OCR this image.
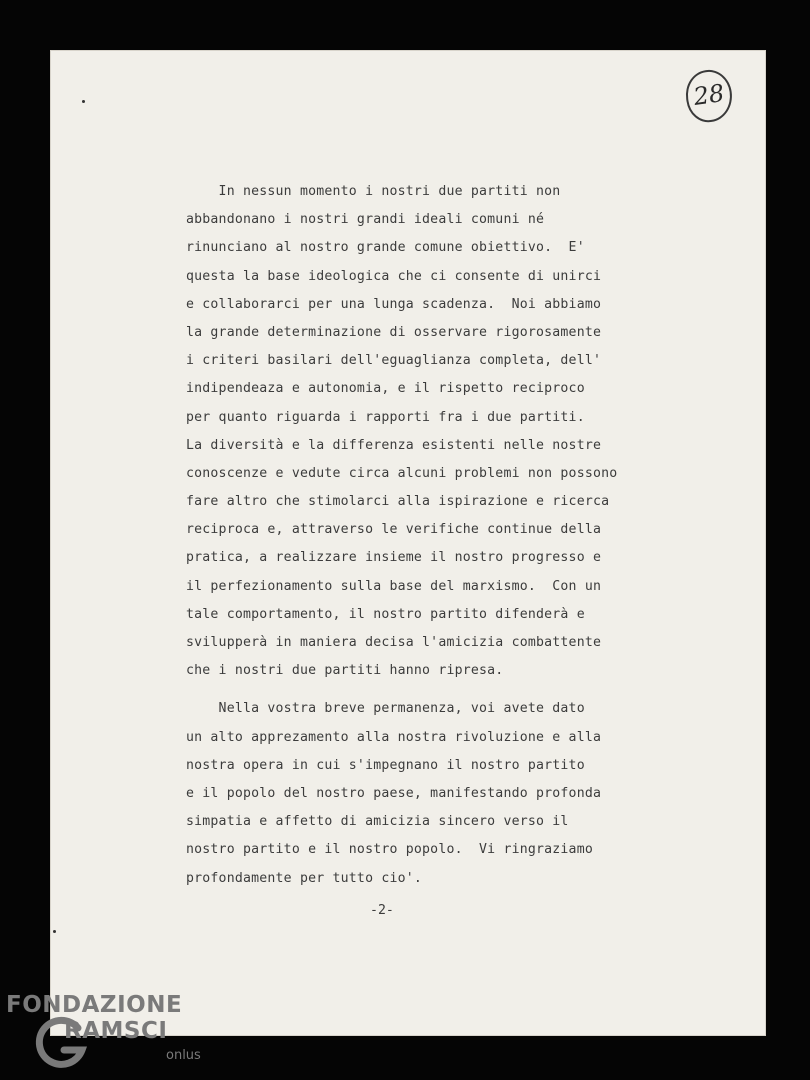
28
In nessun momento i nostri due partiti non
abbandonano i nostri grandi ideali comuni né
rinunciano al nostro grande comune obiettivo.  E'
questa la base ideologica che ci consente di unirci
e collaborarci per una lunga scadenza.  Noi abbiamo
la grande determinazione di osservare rigorosamente
i criteri basilari dell'eguaglianza completa, dell'
indipendeaza e autonomia, e il rispetto reciproco
per quanto riguarda i rapporti fra i due partiti.
La diversità e la differenza esistenti nelle nostre
conoscenze e vedute circa alcuni problemi non possono
fare altro che stimolarci alla ispirazione e ricerca
reciproca e, attraverso le verifiche continue della
pratica, a realizzare insieme il nostro progresso e
il perfezionamento sulla base del marxismo.  Con un
tale comportamento, il nostro partito difenderà e
svilupperà in maniera decisa l'amicizia combattente
che i nostri due partiti hanno ripresa.
Nella vostra breve permanenza, voi avete dato
un alto apprezamento alla nostra rivoluzione e alla
nostra opera in cui s'impegnano il nostro partito
e il popolo del nostro paese, manifestando profonda
simpatia e affetto di amicizia sincero verso il
nostro partito e il nostro popolo.  Vi ringraziamo
profondamente per tutto cio'.
-2-
FONDAZIONE
RAMSCI
onlus
